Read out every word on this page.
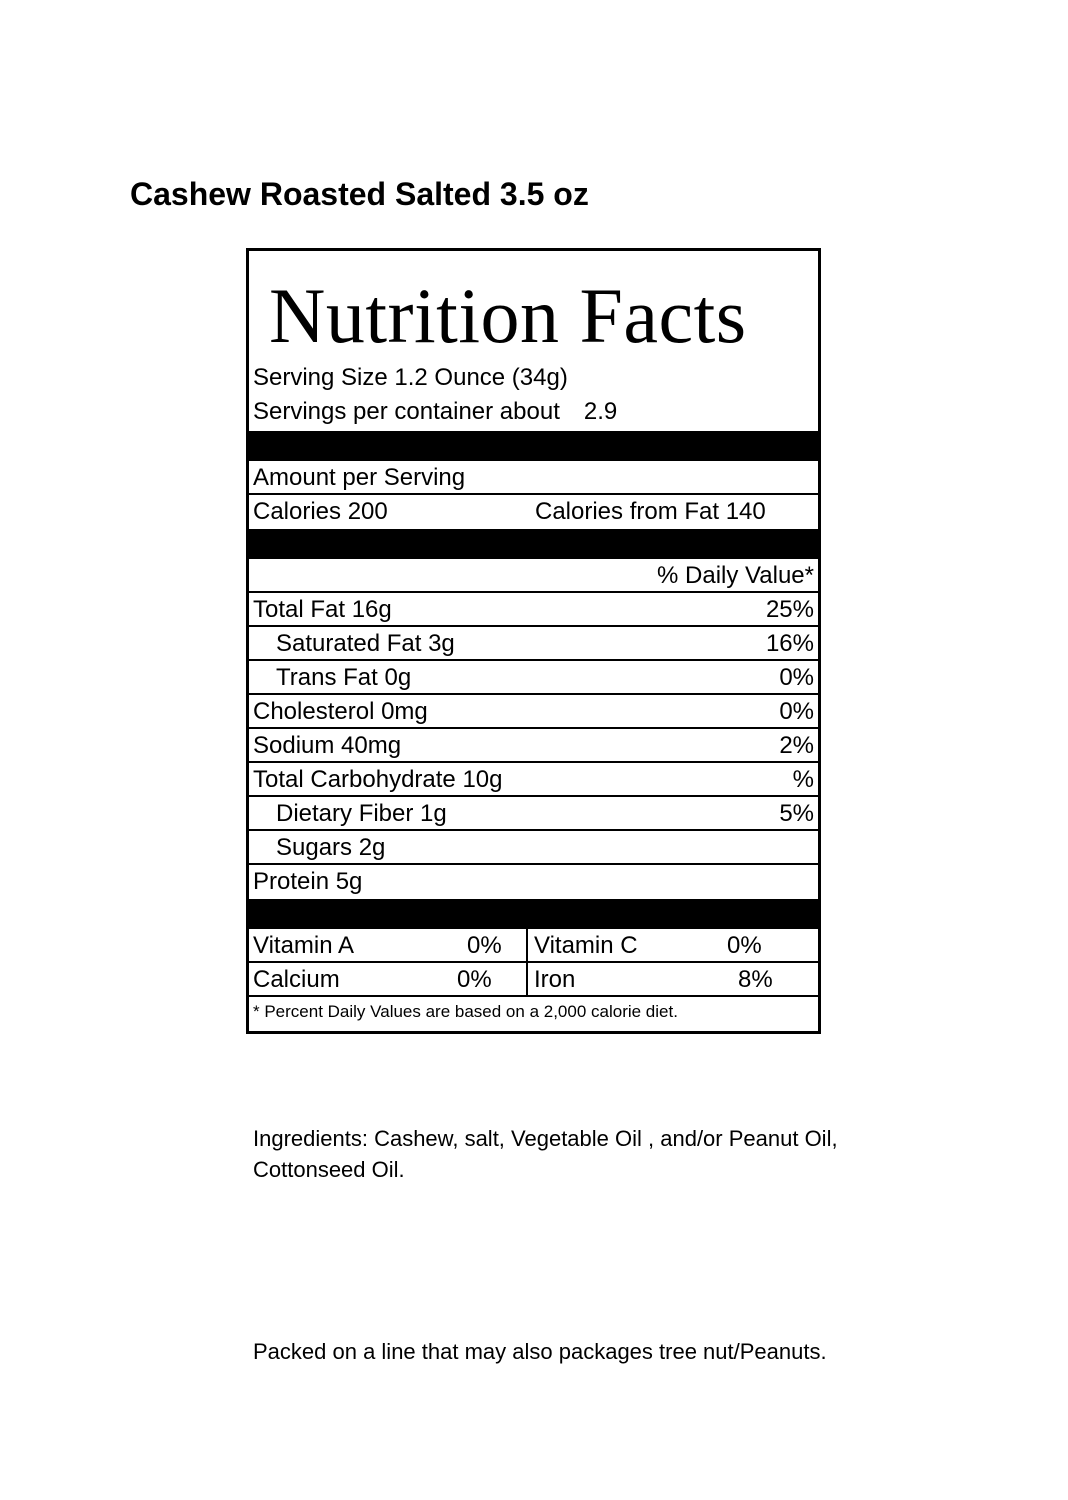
Cashew Roasted Salted 3.5 oz
Nutrition Facts
Serving Size 1.2 Ounce (34g)
Servings per container about 2.9
Amount per Serving
Calories 200	Calories from Fat 140
% Daily Value*
Total Fat 16g	25%
Saturated Fat 3g	16%
Trans Fat 0g	0%
Cholesterol 0mg	0%
Sodium 40mg	2%
Total Carbohydrate 10g	%
Dietary Fiber 1g	5%
Sugars 2g
Protein 5g
Vitamin A	0% Vitamin C	0%
Calcium	0% Iron	8%
* Percent Daily Values are based on a 2,000 calorie diet.
Ingredients: Cashew, salt, Vegetable Oil , and/or Peanut Oil, Cottonseed Oil.
Packed on a line that may also packages tree nut/Peanuts.
